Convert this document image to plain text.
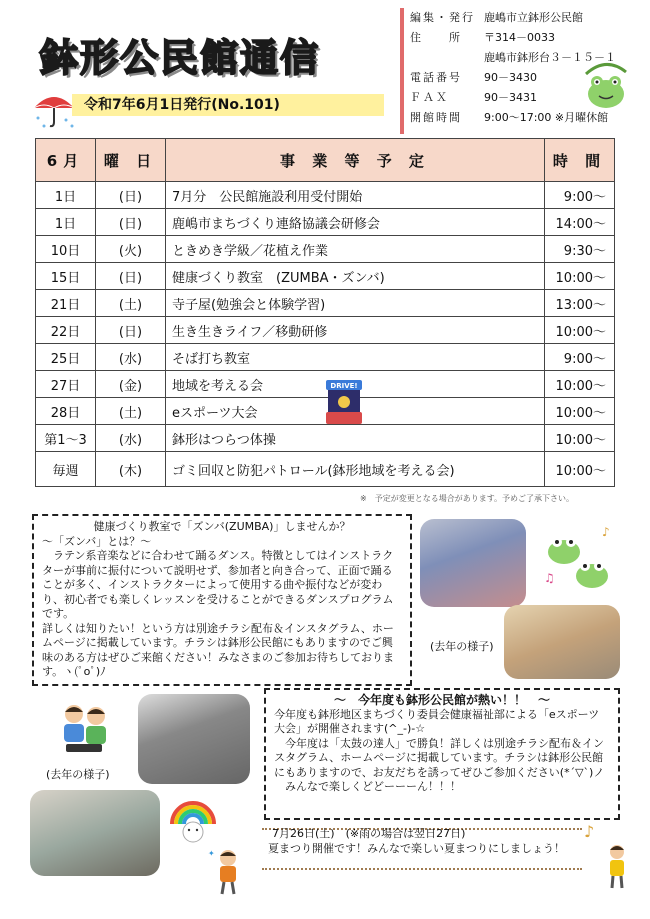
鉢形公民館通信
令和7年6月1日発行(No.101)
編集・発行 鹿嶋市立鉢形公民館
住　　所	〒314－0033
鹿嶋市鉢形台３－１５－１
電話番号	90－3430
ＦＡＸ	90－3431
開館時間	9:00～17:00 ※月曜休館
6月	曜 日	事 業 等 予 定	時 間
1日	(日)	7月分　公民館施設利用受付開始	9:00～
1日	(日)	鹿嶋市まちづくり連絡協議会研修会	14:00～
10日	(火)	ときめき学級／花植え作業	9:30～
15日	(日)	健康づくり教室　(ZUMBA・ズンバ)	10:00～
21日	(土)	寺子屋(勉強会と体験学習)	13:00～
22日	(日)	生き生きライフ／移動研修	10:00～
25日	(水)	そば打ち教室	9:00～
27日	(金)	地域を考える会	10:00～
28日	(土)	eスポーツ大会	10:00～
第1～3	(水)	鉢形はつらつ体操	10:00～
毎週	(木)	ゴミ回収と防犯パトロール(鉢形地域を考える会)	10:00～
DRIVE!
※　予定が変更となる場合があります。予めご了承下さい。
健康づくり教室で「ズンバ(ZUMBA)」しませんか？
～「ズンバ」とは？～
　ラテン系音楽などに合わせて踊るダンス。特徴としてはインストラクターが事前に振付について説明せず、参加者と向き合って、正面で踊ることが多く、インストラクターによって使用する曲や振付などが変わり、初心者でも楽しくレッスンを受けることができるダンスプログラムです。
詳しくは知りたい！という方は別途チラシ配布＆インスタグラム、ホームページに掲載しています。チラシは鉢形公民館にもありますのでご興味のある方はぜひご来館ください！みなさまのご参加お待ちしております。ヽ(ﾟoﾟ)ﾉ
♪
♫
(去年の様子)
(去年の様子)
～　今年度も鉢形公民館が熱い！！　～
今年度も鉢形地区まちづくり委員会健康福祉部による「eスポーツ大会」が開催されます(^_-)-☆
　今年度は「太鼓の達人」で勝負！詳しくは別途チラシ配布＆インスタグラム、ホームページに掲載しています。チラシは鉢形公民館にもありますので、お友だちを誘ってぜひご参加ください(*´▽`)ノ
　みんなで楽しくどどーーーん！！！
7月26日(土)　(※雨の場合は翌日27日)
夏まつり開催です！みんなで楽しい夏まつりにしましょう！
✦
♪
